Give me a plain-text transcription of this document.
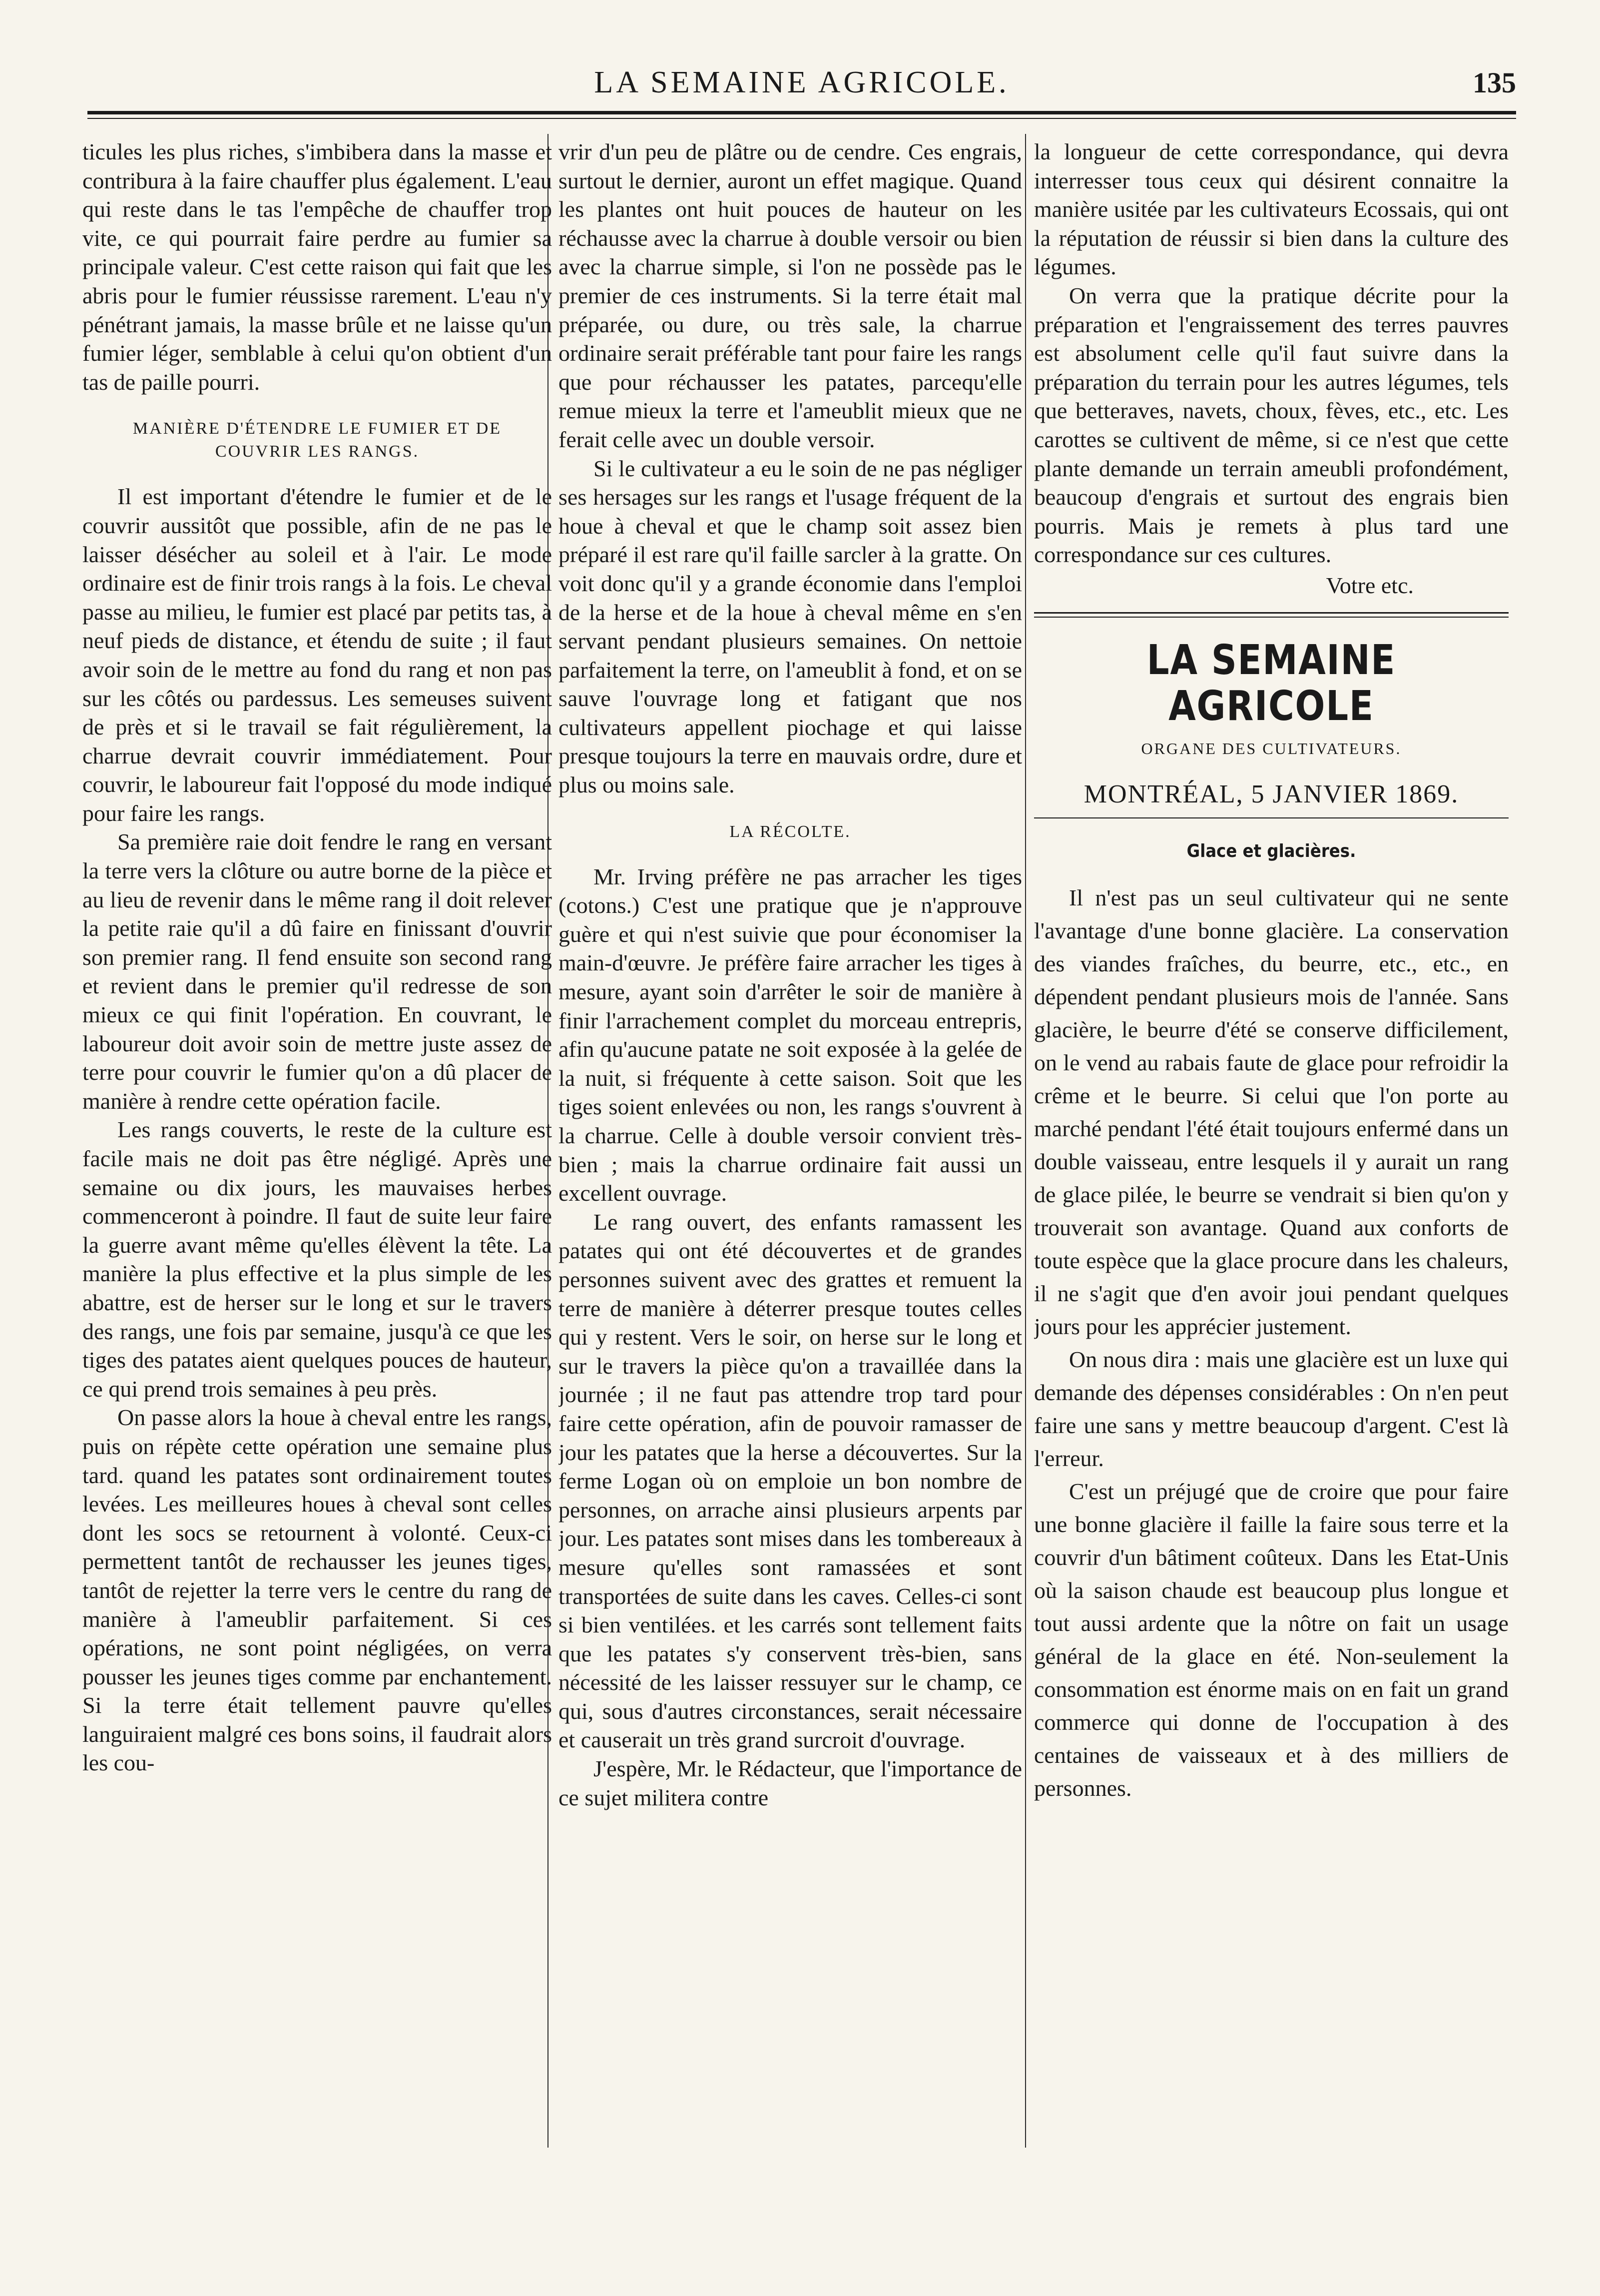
LA SEMAINE AGRICOLE.	135

ticules les plus riches, s'imbibera dans la masse et contribura à la faire chauffer plus également. L'eau qui reste dans le tas l'empêche de chauffer trop vite, ce qui pourrait faire perdre au fumier sa principale valeur. C'est cette raison qui fait que les abris pour le fumier réussisse rarement. L'eau n'y pénétrant jamais, la masse brûle et ne laisse qu'un fumier léger, semblable à celui qu'on obtient d'un tas de paille pourri.

MANIÈRE D'ÉTENDRE LE FUMIER ET DE COUVRIR LES RANGS.

Il est important d'étendre le fumier et de le couvrir aussitôt que possible, afin de ne pas le laisser désécher au soleil et à l'air. Le mode ordinaire est de finir trois rangs à la fois. Le cheval passe au milieu, le fumier est placé par petits tas, à neuf pieds de distance, et étendu de suite ; il faut avoir soin de le mettre au fond du rang et non pas sur les côtés ou pardessus. Les semeuses suivent de près et si le travail se fait régulièrement, la charrue devrait couvrir immédiatement. Pour couvrir, le laboureur fait l'opposé du mode indiqué pour faire les rangs.

Sa première raie doit fendre le rang en versant la terre vers la clôture ou autre borne de la pièce et au lieu de revenir dans le même rang il doit relever la petite raie qu'il a dû faire en finissant d'ouvrir son premier rang. Il fend ensuite son second rang et revient dans le premier qu'il redresse de son mieux ce qui finit l'opération. En couvrant, le laboureur doit avoir soin de mettre juste assez de terre pour couvrir le fumier qu'on a dû placer de manière à rendre cette opération facile.

Les rangs couverts, le reste de la culture est facile mais ne doit pas être négligé. Après une semaine ou dix jours, les mauvaises herbes commenceront à poindre. Il faut de suite leur faire la guerre avant même qu'elles élèvent la tête. La manière la plus effective et la plus simple de les abattre, est de herser sur le long et sur le travers des rangs, une fois par semaine, jusqu'à ce que les tiges des patates aient quelques pouces de hauteur, ce qui prend trois semaines à peu près.

On passe alors la houe à cheval entre les rangs, puis on répète cette opération une semaine plus tard. quand les patates sont ordinairement toutes levées. Les meilleures houes à cheval sont celles dont les socs se retournent à volonté. Ceux-ci permettent tantôt de rechausser les jeunes tiges, tantôt de rejetter la terre vers le centre du rang de manière à l'ameublir parfaitement. Si ces opérations, ne sont point négligées, on verra pousser les jeunes tiges comme par enchantement. Si la terre était tellement pauvre qu'elles languiraient malgré ces bons soins, il faudrait alors les cou-

vrir d'un peu de plâtre ou de cendre. Ces engrais, surtout le dernier, auront un effet magique. Quand les plantes ont huit pouces de hauteur on les réchausse avec la charrue à double versoir ou bien avec la charrue simple, si l'on ne possède pas le premier de ces instruments. Si la terre était mal préparée, ou dure, ou très sale, la charrue ordinaire serait préférable tant pour faire les rangs que pour réchausser les patates, parcequ'elle remue mieux la terre et l'ameublit mieux que ne ferait celle avec un double versoir.

Si le cultivateur a eu le soin de ne pas négliger ses hersages sur les rangs et l'usage fréquent de la houe à cheval et que le champ soit assez bien préparé il est rare qu'il faille sarcler à la gratte. On voit donc qu'il y a grande économie dans l'emploi de la herse et de la houe à cheval même en s'en servant pendant plusieurs semaines. On nettoie parfaitement la terre, on l'ameublit à fond, et on se sauve l'ouvrage long et fatigant que nos cultivateurs appellent piochage et qui laisse presque toujours la terre en mauvais ordre, dure et plus ou moins sale.

LA RÉCOLTE.

Mr. Irving préfère ne pas arracher les tiges (cotons.) C'est une pratique que je n'approuve guère et qui n'est suivie que pour économiser la main-d'œuvre. Je préfère faire arracher les tiges à mesure, ayant soin d'arrêter le soir de manière à finir l'arrachement complet du morceau entrepris, afin qu'aucune patate ne soit exposée à la gelée de la nuit, si fréquente à cette saison. Soit que les tiges soient enlevées ou non, les rangs s'ouvrent à la charrue. Celle à double versoir convient très-bien ; mais la charrue ordinaire fait aussi un excellent ouvrage.

Le rang ouvert, des enfants ramassent les patates qui ont été découvertes et de grandes personnes suivent avec des grattes et remuent la terre de manière à déterrer presque toutes celles qui y restent. Vers le soir, on herse sur le long et sur le travers la pièce qu'on a travaillée dans la journée ; il ne faut pas attendre trop tard pour faire cette opération, afin de pouvoir ramasser de jour les patates que la herse a découvertes. Sur la ferme Logan où on emploie un bon nombre de personnes, on arrache ainsi plusieurs arpents par jour. Les patates sont mises dans les tombereaux à mesure qu'elles sont ramassées et sont transportées de suite dans les caves. Celles-ci sont si bien ventilées. et les carrés sont tellement faits que les patates s'y conservent très-bien, sans nécessité de les laisser ressuyer sur le champ, ce qui, sous d'autres circonstances, serait nécessaire et causerait un très grand surcroit d'ouvrage.

J'espère, Mr. le Rédacteur, que l'importance de ce sujet militera contre

la longueur de cette correspondance, qui devra interresser tous ceux qui désirent connaitre la manière usitée par les cultivateurs Ecossais, qui ont la réputation de réussir si bien dans la culture des légumes.

On verra que la pratique décrite pour la préparation et l'engraissement des terres pauvres est absolument celle qu'il faut suivre dans la préparation du terrain pour les autres légumes, tels que betteraves, navets, choux, fèves, etc., etc. Les carottes se cultivent de même, si ce n'est que cette plante demande un terrain ameubli profondément, beaucoup d'engrais et surtout des engrais bien pourris. Mais je remets à plus tard une correspondance sur ces cultures.

Votre etc.
LA SEMAINE AGRICOLE
ORGANE DES CULTIVATEURS.
MONTRÉAL, 5 JANVIER 1869.
Glace et glacières.

Il n'est pas un seul cultivateur qui ne sente l'avantage d'une bonne glacière. La conservation des viandes fraîches, du beurre, etc., etc., en dépendent pendant plusieurs mois de l'année. Sans glacière, le beurre d'été se conserve difficilement, on le vend au rabais faute de glace pour refroidir la crême et le beurre. Si celui que l'on porte au marché pendant l'été était toujours enfermé dans un double vaisseau, entre lesquels il y aurait un rang de glace pilée, le beurre se vendrait si bien qu'on y trouverait son avantage. Quand aux conforts de toute espèce que la glace procure dans les chaleurs, il ne s'agit que d'en avoir joui pendant quelques jours pour les apprécier justement.

On nous dira : mais une glacière est un luxe qui demande des dépenses considérables : On n'en peut faire une sans y mettre beaucoup d'argent. C'est là l'erreur.

C'est un préjugé que de croire que pour faire une bonne glacière il faille la faire sous terre et la couvrir d'un bâtiment coûteux. Dans les Etat-Unis où la saison chaude est beaucoup plus longue et tout aussi ardente que la nôtre on fait un usage général de la glace en été. Non-seulement la consommation est énorme mais on en fait un grand commerce qui donne de l'occupation à des centaines de vaisseaux et à des milliers de personnes.
